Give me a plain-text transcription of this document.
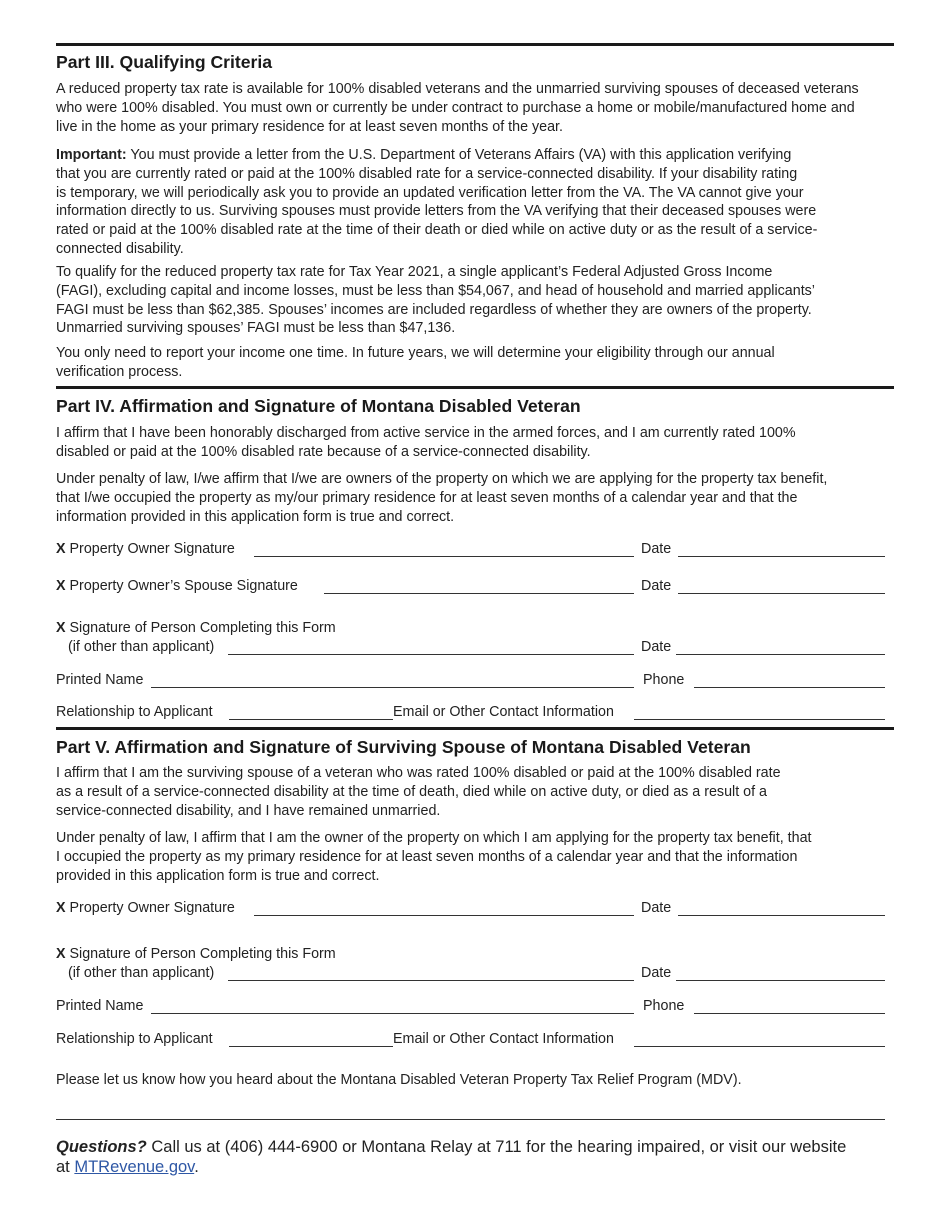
Part III. Qualifying Criteria
A reduced property tax rate is available for 100% disabled veterans and the unmarried surviving spouses of deceased veterans
who were 100% disabled. You must own or currently be under contract to purchase a home or mobile/manufactured home and
live in the home as your primary residence for at least seven months of the year.
Important: You must provide a letter from the U.S. Department of Veterans Affairs (VA) with this application verifying
that you are currently rated or paid at the 100% disabled rate for a service-connected disability. If your disability rating
is temporary, we will periodically ask you to provide an updated verification letter from the VA. The VA cannot give your
information directly to us. Surviving spouses must provide letters from the VA verifying that their deceased spouses were
rated or paid at the 100% disabled rate at the time of their death or died while on active duty or as the result of a service-
connected disability.
To qualify for the reduced property tax rate for Tax Year 2021, a single applicant’s Federal Adjusted Gross Income
(FAGI), excluding capital and income losses, must be less than $54,067, and head of household and married applicants’
FAGI must be less than $62,385. Spouses’ incomes are included regardless of whether they are owners of the property.
Unmarried surviving spouses’ FAGI must be less than $47,136.
You only need to report your income one time. In future years, we will determine your eligibility through our annual
verification process.
Part IV. Affirmation and Signature of Montana Disabled Veteran
I affirm that I have been honorably discharged from active service in the armed forces, and I am currently rated 100%
disabled or paid at the 100% disabled rate because of a service-connected disability.
Under penalty of law, I/we affirm that I/we are owners of the property on which we are applying for the property tax benefit,
that I/we occupied the property as my/our primary residence for at least seven months of a calendar year and that the
information provided in this application form is true and correct.
X Property Owner Signature	Date
X Property Owner’s Spouse Signature	Date
X Signature of Person Completing this Form
(if other than applicant)	Date
Printed Name	Phone
Relationship to Applicant	Email or Other Contact Information
Part V. Affirmation and Signature of Surviving Spouse of Montana Disabled Veteran
I affirm that I am the surviving spouse of a veteran who was rated 100% disabled or paid at the 100% disabled rate
as a result of a service-connected disability at the time of death, died while on active duty, or died as a result of a
service-connected disability, and I have remained unmarried.
Under penalty of law, I affirm that I am the owner of the property on which I am applying for the property tax benefit, that
I occupied the property as my primary residence for at least seven months of a calendar year and that the information
provided in this application form is true and correct.
X Property Owner Signature	Date
X Signature of Person Completing this Form
(if other than applicant)	Date
Printed Name	Phone
Relationship to Applicant	Email or Other Contact Information
Please let us know how you heard about the Montana Disabled Veteran Property Tax Relief Program (MDV).
Questions? Call us at (406) 444-6900 or Montana Relay at 711 for the hearing impaired, or visit our website
at MTRevenue.gov.
